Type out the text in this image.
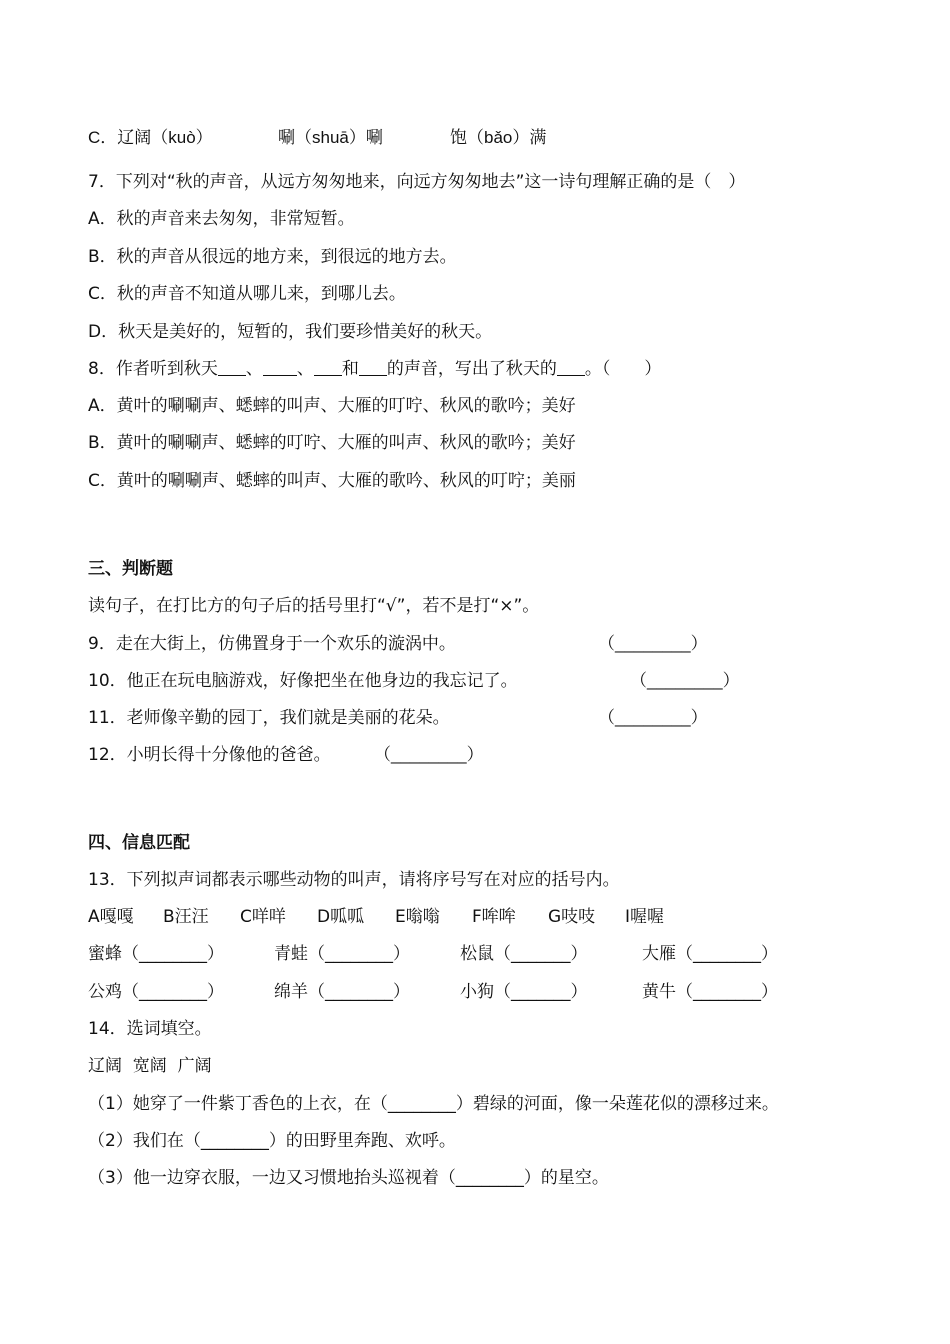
C．辽阔（kuò）	唰（shuā）唰	饱（bǎo）满
7．下列对“秋的声音，从远方匆匆地来，向远方匆匆地去”这一诗句理解正确的是（　）
A．秋的声音来去匆匆，非常短暂。
B．秋的声音从很远的地方来，到很远的地方去。
C．秋的声音不知道从哪儿来，到哪儿去。
D．秋天是美好的，短暂的，我们要珍惜美好的秋天。
8．作者听到秋天 、 、 和 的声音，写出了秋天的 。（　　）
A．黄叶的唰唰声、蟋蟀的叫声、大雁的叮咛、秋风的歌吟；美好
B．黄叶的唰唰声、蟋蟀的叮咛、大雁的叫声、秋风的歌吟；美好
C．黄叶的唰唰声、蟋蟀的叫声、大雁的歌吟、秋风的叮咛；美丽
三、判断题
读句子，在打比方的句子后的括号里打“√”，若不是打“×”。
9．走在大街上，仿佛置身于一个欢乐的漩涡中。	（________）
10．他正在玩电脑游戏，好像把坐在他身边的我忘记了。	（________）
11．老师像辛勤的园丁，我们就是美丽的花朵。	（________）
12．小明长得十分像他的爸爸。	（________）
四、信息匹配
13．下列拟声词都表示哪些动物的叫声，请将序号写在对应的括号内。
A嘎嘎 B汪汪 C咩咩 D呱呱 E嗡嗡 F哞哞 G吱吱 I喔喔
蜜蜂（________）	青蛙（________）	松鼠（_______）	大雁（________）
公鸡（________）	绵羊（________）	小狗（_______）	黄牛（________）
14．选词填空。
辽阔  宽阔  广阔
（1）她穿了一件紫丁香色的上衣，在（________）碧绿的河面，像一朵莲花似的漂移过来。
（2）我们在（________）的田野里奔跑、欢呼。
（3）他一边穿衣服，一边又习惯地抬头巡视着（________）的星空。
